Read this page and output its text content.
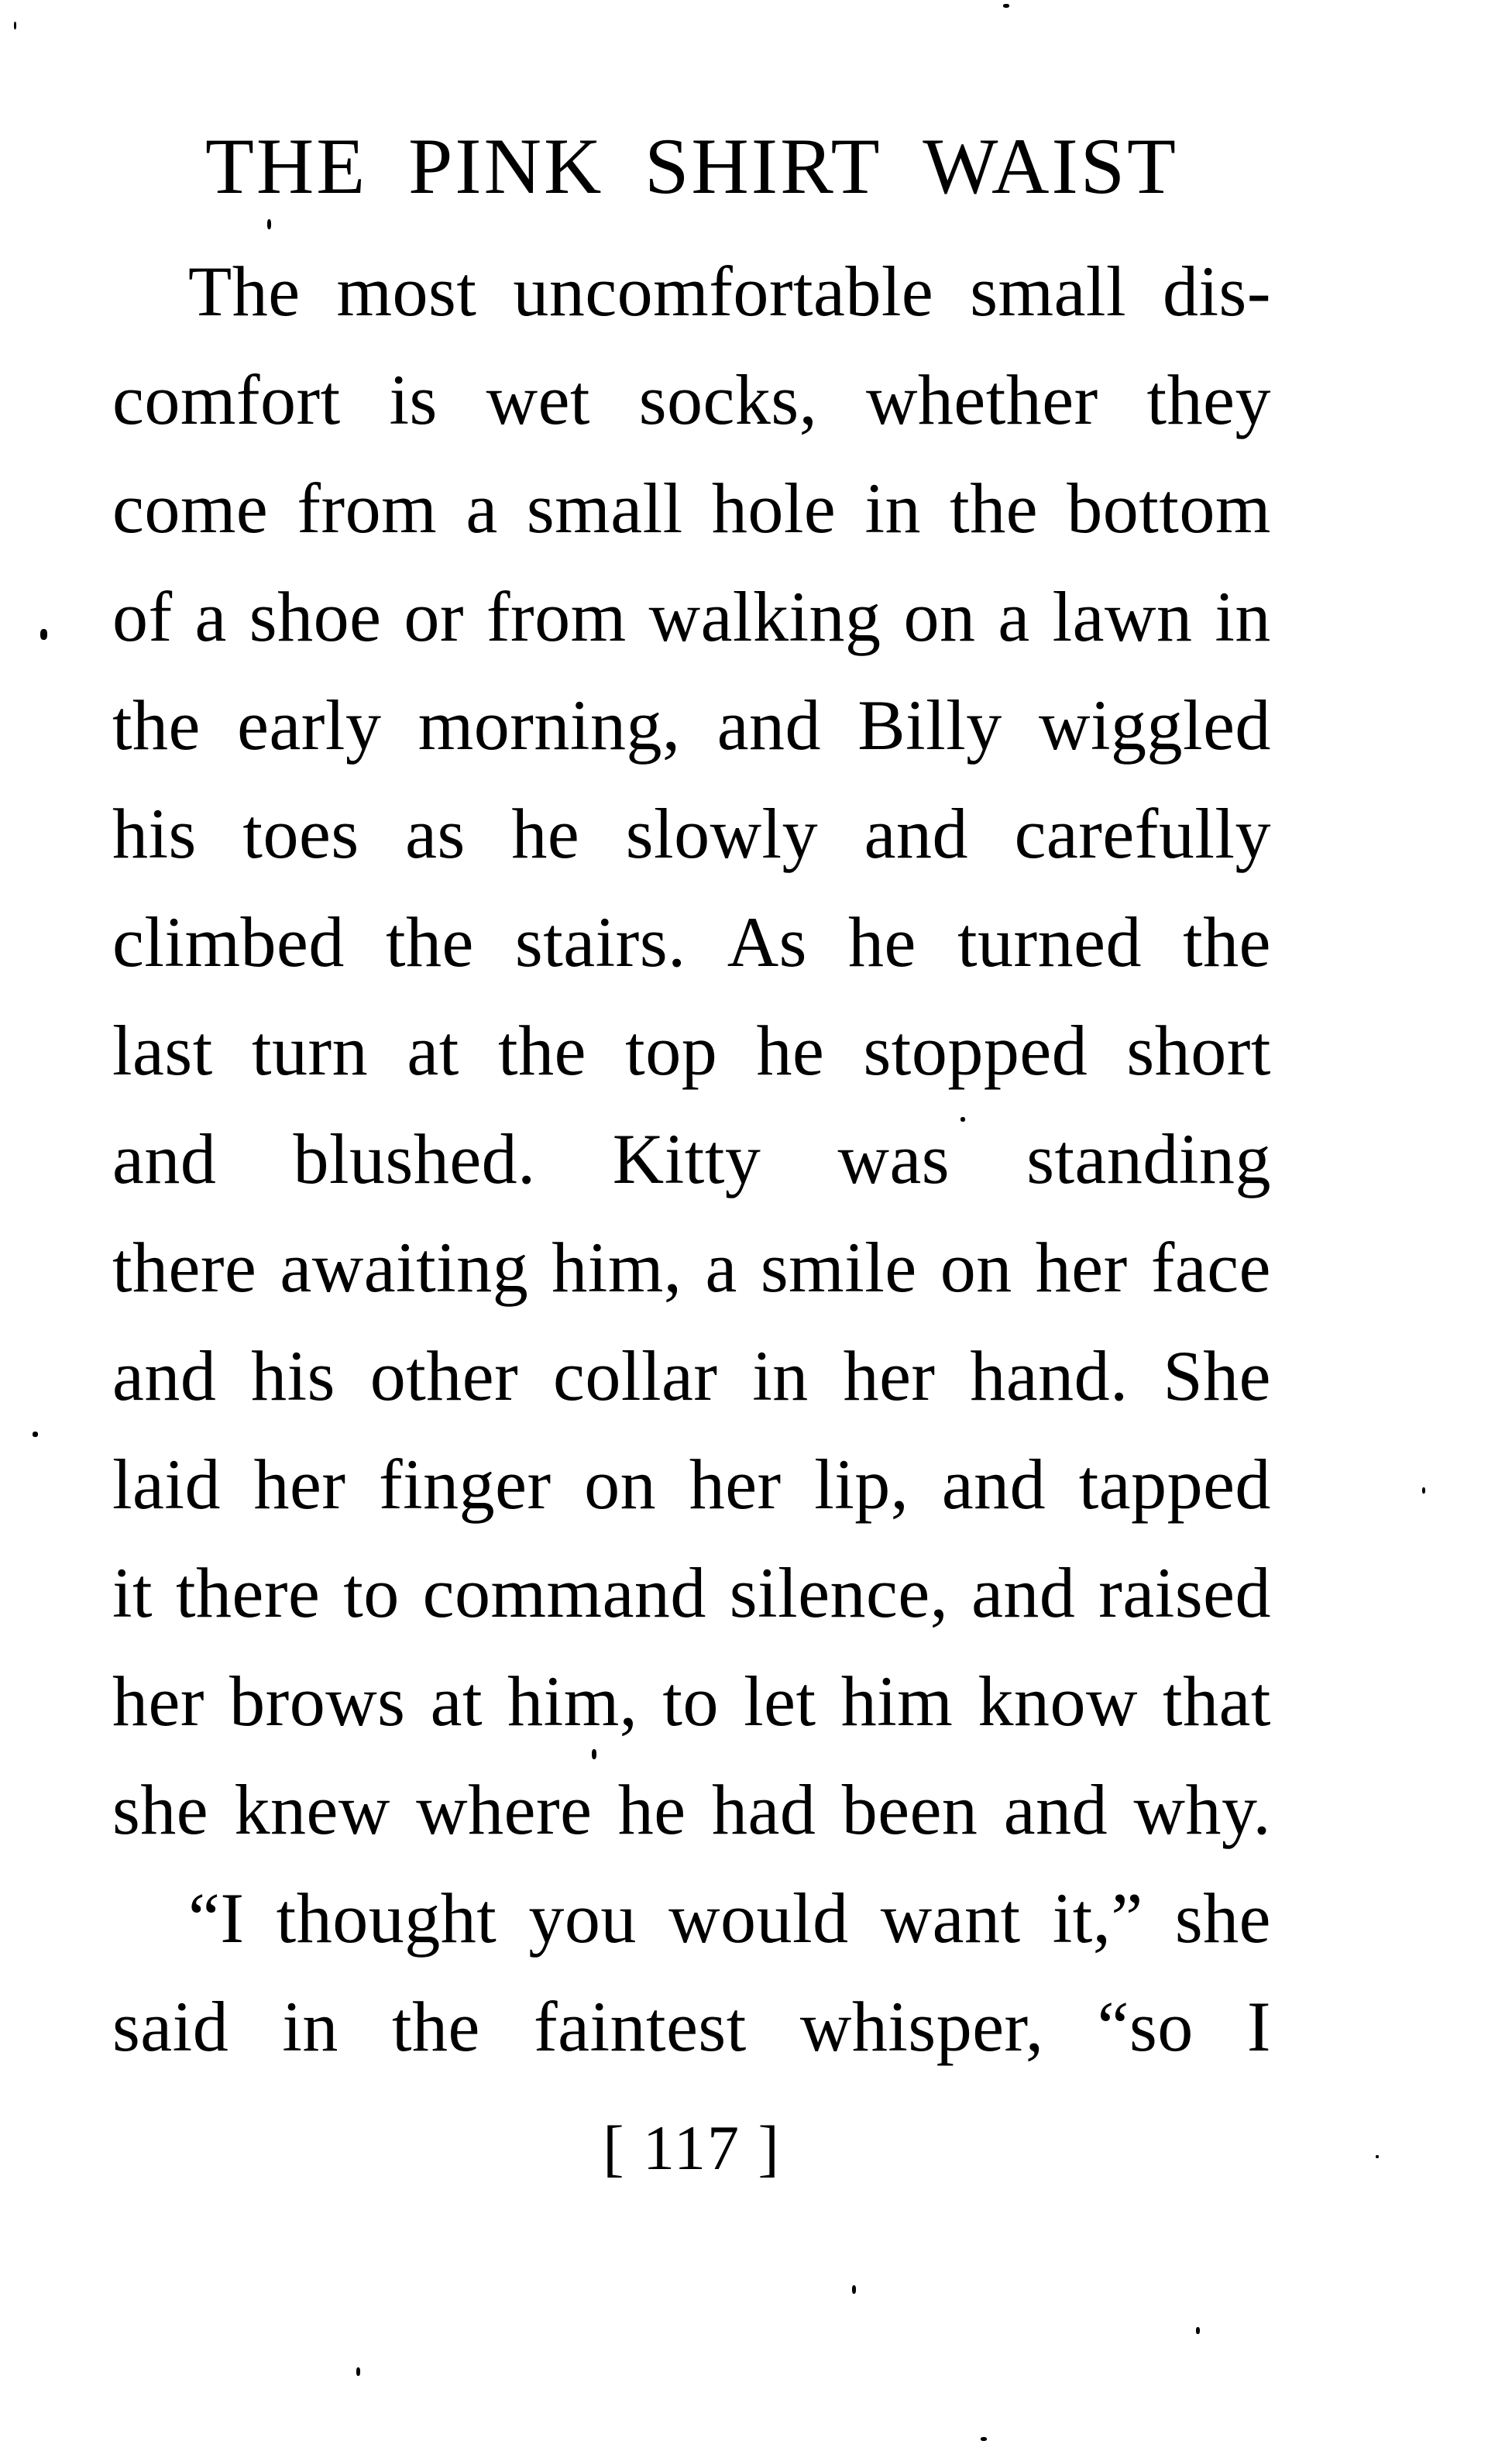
THE PINK SHIRT WAIST
The most uncomfortable small dis-
comfort is wet socks, whether they
come from a small hole in the bottom
of a shoe or from walking on a lawn in
the early morning, and Billy wiggled
his toes as he slowly and carefully
climbed the stairs. As he turned the
last turn at the top he stopped short
and blushed. Kitty was standing
there awaiting him, a smile on her face
and his other collar in her hand. She
laid her finger on her lip, and tapped
it there to command silence, and raised
her brows at him, to let him know that
she knew where he had been and why.
“I thought you would want it,” she
said in the faintest whisper, “so I
[ 117 ]
